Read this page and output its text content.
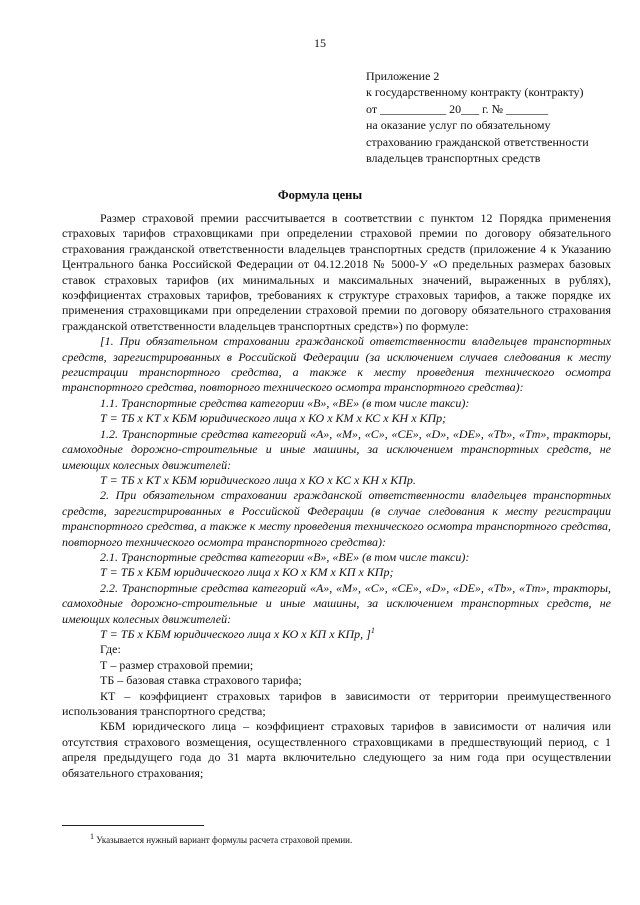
15
Приложение 2
к государственному контракту (контракту)
от ___________ 20___ г. № _______
на оказание услуг по обязательному
страхованию гражданской ответственности
владельцев транспортных средств
Формула цены

Размер страховой премии рассчитывается в соответствии с пунктом 12 Порядка применения страховых тарифов страховщиками при определении страховой премии по договору обязательного страхования гражданской ответственности владельцев транспортных средств (приложение 4 к Указанию Центрального банка Российской Федерации от 04.12.2018 № 5000-У «О предельных размерах базовых ставок страховых тарифов (их минимальных и максимальных значений, выраженных в рублях), коэффициентах страховых тарифов, требованиях к структуре страховых тарифов, а также порядке их применения страховщиками при определении страховой премии по договору обязательного страхования гражданской ответственности владельцев транспортных средств») по формуле:

[1. При обязательном страховании гражданской ответственности владельцев транспортных средств, зарегистрированных в Российской Федерации (за исключением случаев следования к месту регистрации транспортного средства, а также к месту проведения технического осмотра транспортного средства, повторного технического осмотра транспортного средства):

1.1. Транспортные средства категории «B», «BE» (в том числе такси):

Т = ТБ х КТ х КБМ юридического лица х КО х КМ х КС х КН х КПр;

1.2. Транспортные средства категорий «A», «M», «C», «CE», «D», «DE», «Tb», «Tm», тракторы, самоходные дорожно-строительные и иные машины, за исключением транспортных средств, не имеющих колесных движителей:

Т = ТБ х КТ х КБМ юридического лица х КО х КС х КН х КПр.

2. При обязательном страховании гражданской ответственности владельцев транспортных средств, зарегистрированных в Российской Федерации (в случае следования к месту регистрации транспортного средства, а также к месту проведения технического осмотра транспортного средства, повторного технического осмотра транспортного средства):

2.1. Транспортные средства категории «B», «BE» (в том числе такси):

Т = ТБ х КБМ юридического лица х КО х КМ х КП х КПр;

2.2. Транспортные средства категорий «A», «M», «C», «CE», «D», «DE», «Tb», «Tm», тракторы, самоходные дорожно-строительные и иные машины, за исключением транспортных средств, не имеющих колесных движителей:

Т = ТБ х КБМ юридического лица х КО х КП х КПр, ]$^1$

Где:

Т – размер страховой премии;

ТБ – базовая ставка страхового тарифа;

КТ – коэффициент страховых тарифов в зависимости от территории преимущественного использования транспортного средства;

КБМ юридического лица – коэффициент страховых тарифов в зависимости от наличия или отсутствия страхового возмещения, осуществленного страховщиками в предшествующий период, с 1 апреля предыдущего года до 31 марта включительно следующего за ним года при осуществлении обязательного страхования;

$^1$ Указывается нужный вариант формулы расчета страховой премии.
